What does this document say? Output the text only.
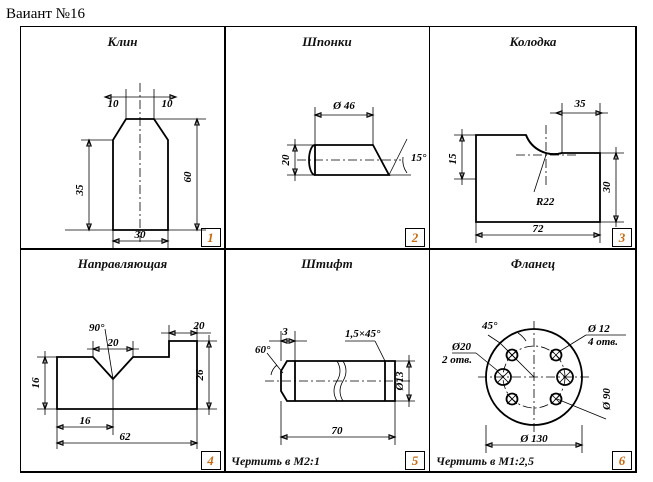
Ваиант №16
Клин
10	10
35
60
30	1
Шпонки
Ø 46
20	15°
2
Колодка
35
30
15
R22
72
3
Направляющая
90°
20
20
16
26
16
62
4
Штифт
60°
3	1,5×45°
70
Ø13
Чертить в М2:1	5
Фланец
45°	Ø 12
4 отв.
Ø20
2 отв.
Ø 90
Ø 130
Чертить в М1:2,5	6
